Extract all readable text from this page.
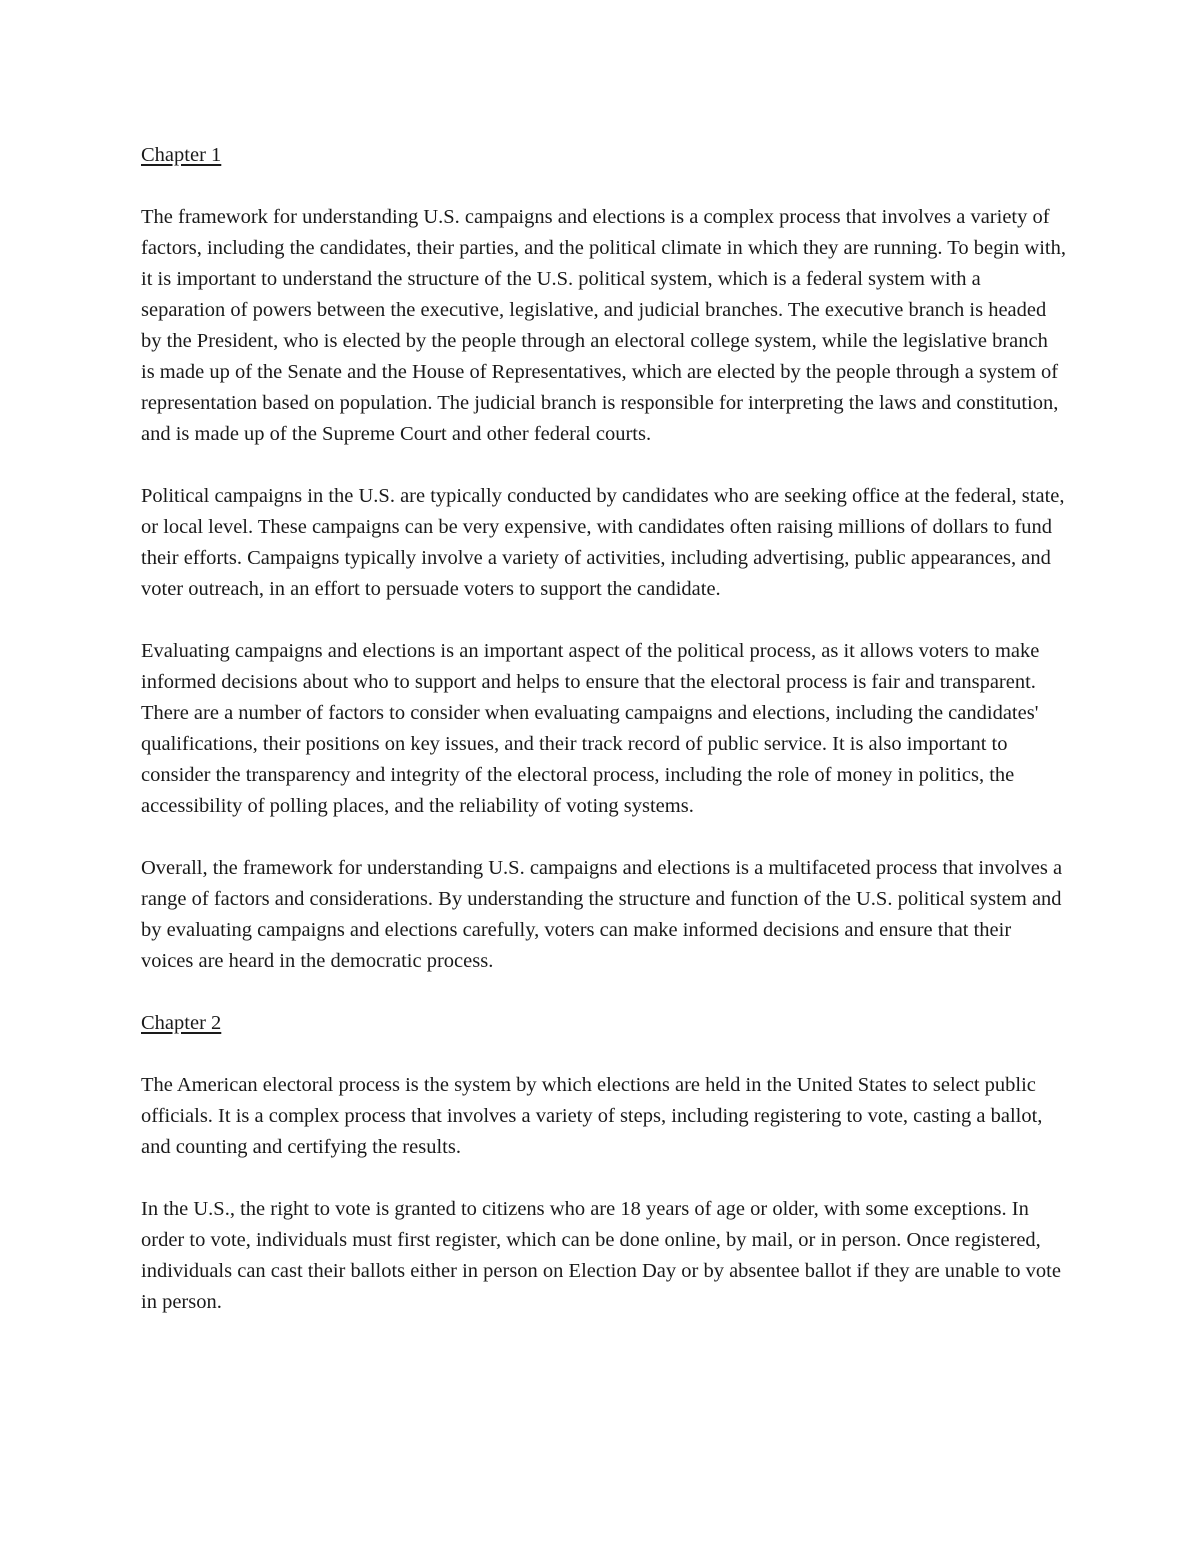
Chapter 1

The framework for understanding U.S. campaigns and elections is a complex process that involves a variety of factors, including the candidates, their parties, and the political climate in which they are running. To begin with, it is important to understand the structure of the U.S. political system, which is a federal system with a separation of powers between the executive, legislative, and judicial branches. The executive branch is headed by the President, who is elected by the people through an electoral college system, while the legislative branch is made up of the Senate and the House of Representatives, which are elected by the people through a system of representation based on population. The judicial branch is responsible for interpreting the laws and constitution, and is made up of the Supreme Court and other federal courts.

Political campaigns in the U.S. are typically conducted by candidates who are seeking office at the federal, state, or local level. These campaigns can be very expensive, with candidates often raising millions of dollars to fund their efforts. Campaigns typically involve a variety of activities, including advertising, public appearances, and voter outreach, in an effort to persuade voters to support the candidate.

Evaluating campaigns and elections is an important aspect of the political process, as it allows voters to make informed decisions about who to support and helps to ensure that the electoral process is fair and transparent. There are a number of factors to consider when evaluating campaigns and elections, including the candidates' qualifications, their positions on key issues, and their track record of public service. It is also important to consider the transparency and integrity of the electoral process, including the role of money in politics, the accessibility of polling places, and the reliability of voting systems.

Overall, the framework for understanding U.S. campaigns and elections is a multifaceted process that involves a range of factors and considerations. By understanding the structure and function of the U.S. political system and by evaluating campaigns and elections carefully, voters can make informed decisions and ensure that their voices are heard in the democratic process.

Chapter 2

The American electoral process is the system by which elections are held in the United States to select public officials. It is a complex process that involves a variety of steps, including registering to vote, casting a ballot, and counting and certifying the results.

In the U.S., the right to vote is granted to citizens who are 18 years of age or older, with some exceptions. In order to vote, individuals must first register, which can be done online, by mail, or in person. Once registered, individuals can cast their ballots either in person on Election Day or by absentee ballot if they are unable to vote in person.
